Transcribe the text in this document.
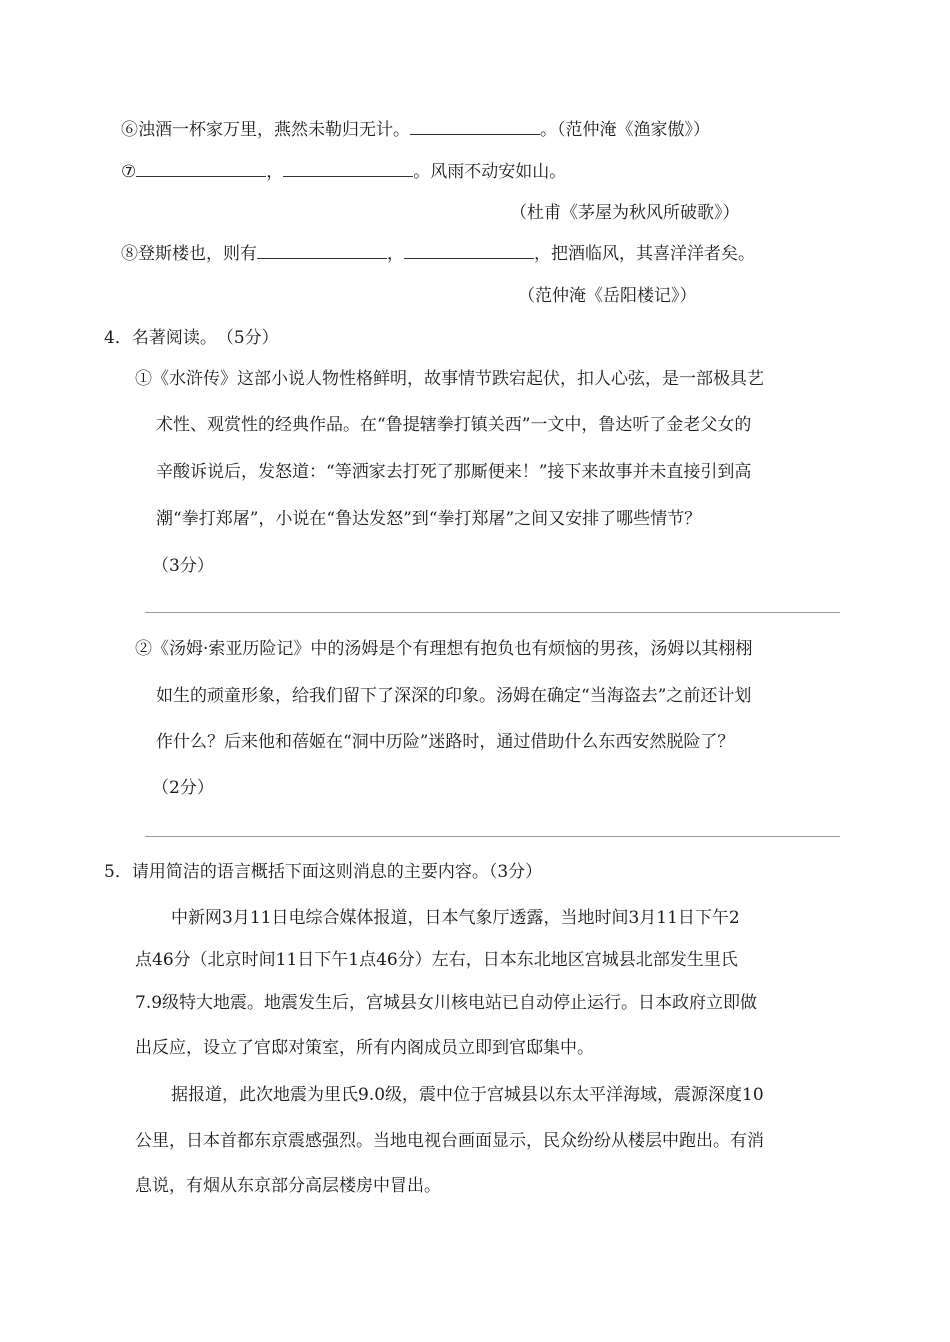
⑥浊酒一杯家万里，燕然未勒归无计。	。（范仲淹《渔家傲》）
⑦	，	。风雨不动安如山。
（杜甫《茅屋为秋风所破歌》）
⑧登斯楼也，则有	，	，把酒临风，其喜洋洋者矣。
（范仲淹《岳阳楼记》）
4．名著阅读。　（5分）
①《水浒传》这部小说人物性格鲜明，故事情节跌宕起伏，扣人心弦，是一部极具艺
术性、观赏性的经典作品。在“鲁提辖拳打镇关西”一文中，鲁达听了金老父女的
辛酸诉说后，发怒道：“等洒家去打死了那厮便来！”接下来故事并未直接引到高
潮“拳打郑屠”，小说在“鲁达发怒”到“拳打郑屠”之间又安排了哪些情节？
（3分）
②《汤姆·索亚历险记》中的汤姆是个有理想有抱负也有烦恼的男孩，汤姆以其栩栩
如生的顽童形象，给我们留下了深深的印象。汤姆在确定“当海盗去”之前还计划
作什么？后来他和蓓姬在“洞中历险”迷路时，通过借助什么东西安然脱险了？
（2分）
5．请用简洁的语言概括下面这则消息的主要内容。（3分）
中新网3月11日电综合媒体报道，日本气象厅透露，当地时间3月11日下午2
点46分（北京时间11日下午1点46分）左右，日本东北地区宫城县北部发生里氏
7.9级特大地震。地震发生后，宫城县女川核电站已自动停止运行。日本政府立即做
出反应，设立了官邸对策室，所有内阁成员立即到官邸集中。
据报道，此次地震为里氏9.0级，震中位于宫城县以东太平洋海域，震源深度10
公里，日本首都东京震感强烈。当地电视台画面显示，民众纷纷从楼层中跑出。有消
息说，有烟从东京部分高层楼房中冒出。
